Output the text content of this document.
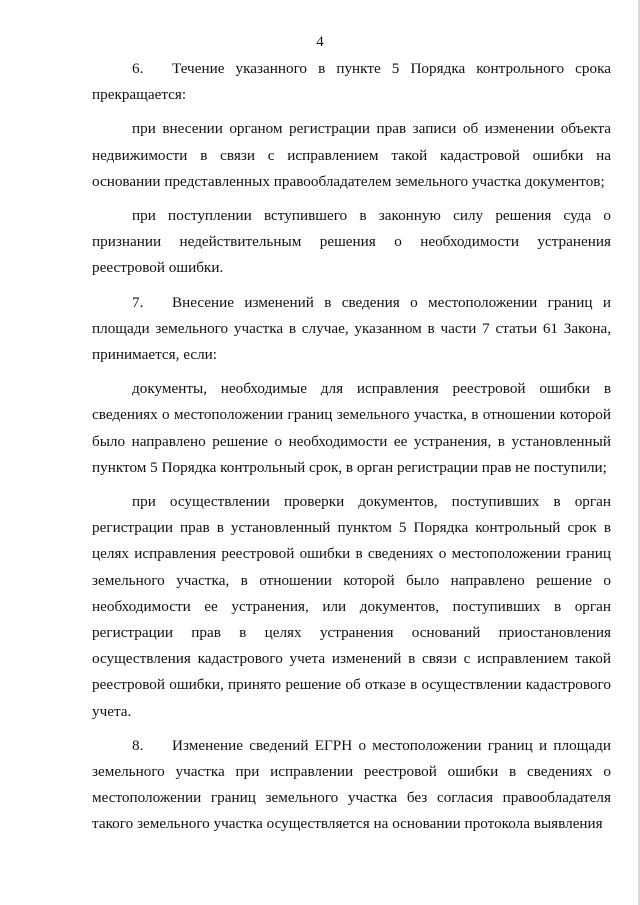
4

6. Течение указанного в пункте 5 Порядка контрольного срока прекращается:

при внесении органом регистрации прав записи об изменении объекта недвижимости в связи с исправлением такой кадастровой ошибки на основании представленных правообладателем земельного участка документов;

при поступлении вступившего в законную силу решения суда о признании недействительным решения о необходимости устранения реестровой ошибки.

7. Внесение изменений в сведения о местоположении границ и площади земельного участка в случае, указанном в части 7 статьи 61 Закона, принимается, если:

документы, необходимые для исправления реестровой ошибки в сведениях о местоположении границ земельного участка, в отношении которой было направлено решение о необходимости ее устранения, в установленный пунктом 5 Порядка контрольный срок, в орган регистрации прав не поступили;

при осуществлении проверки документов, поступивших в орган регистрации прав в установленный пунктом 5 Порядка контрольный срок в целях исправления реестровой ошибки в сведениях о местоположении границ земельного участка, в отношении которой было направлено решение о необходимости ее устранения, или документов, поступивших в орган регистрации прав в целях устранения оснований приостановления осуществления кадастрового учета изменений в связи с исправлением такой реестровой ошибки, принято решение об отказе в осуществлении кадастрового учета.

8. Изменение сведений ЕГРН о местоположении границ и площади земельного участка при исправлении реестровой ошибки в сведениях о местоположении границ земельного участка без согласия правообладателя такого земельного участка осуществляется на основании протокола выявления
